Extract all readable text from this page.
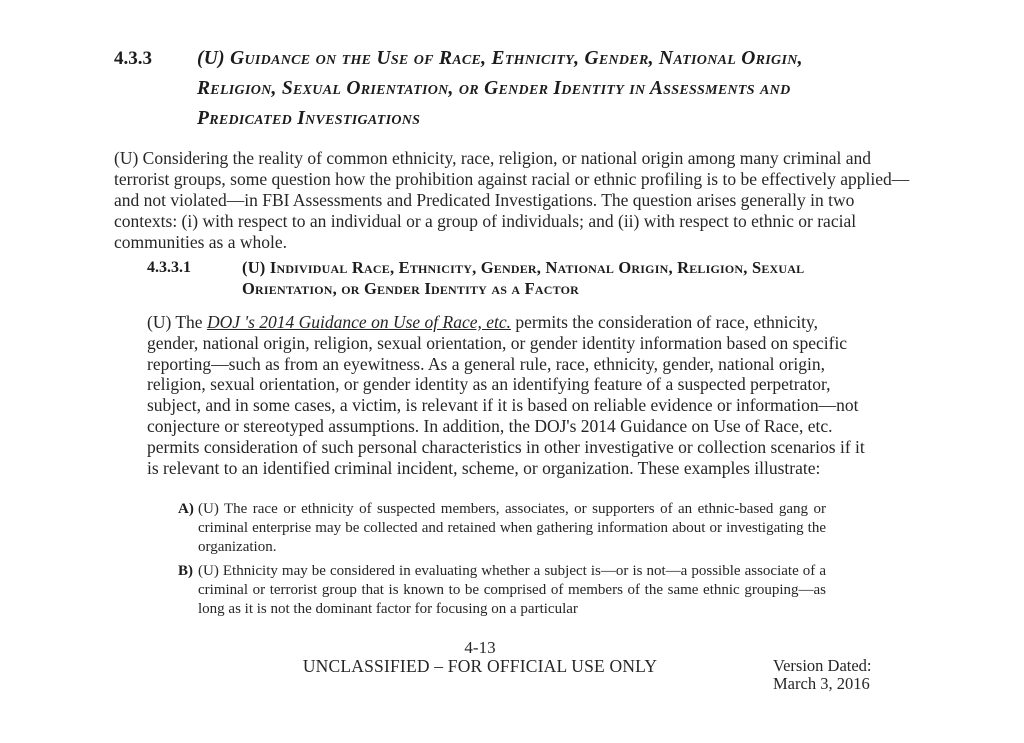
4.3.3	(U) Guidance on the Use of Race, Ethnicity, Gender, National Origin, Religion, Sexual Orientation, or Gender Identity in Assessments and Predicated Investigations
(U) Considering the reality of common ethnicity, race, religion, or national origin among many criminal and terrorist groups, some question how the prohibition against racial or ethnic profiling is to be effectively applied—and not violated—in FBI Assessments and Predicated Investigations. The question arises generally in two contexts: (i) with respect to an individual or a group of individuals; and (ii) with respect to ethnic or racial communities as a whole.
4.3.3.1	(U) Individual Race, Ethnicity, Gender, National Origin, Religion, Sexual Orientation, or Gender Identity as a Factor
(U) The DOJ 's 2014 Guidance on Use of Race, etc. permits the consideration of race, ethnicity, gender, national origin, religion, sexual orientation, or gender identity information based on specific reporting—such as from an eyewitness. As a general rule, race, ethnicity, gender, national origin, religion, sexual orientation, or gender identity as an identifying feature of a suspected perpetrator, subject, and in some cases, a victim, is relevant if it is based on reliable evidence or information—not conjecture or stereotyped assumptions. In addition, the DOJ's 2014 Guidance on Use of Race, etc. permits consideration of such personal characteristics in other investigative or collection scenarios if it is relevant to an identified criminal incident, scheme, or organization. These examples illustrate:
A) (U) The race or ethnicity of suspected members, associates, or supporters of an ethnic-based gang or criminal enterprise may be collected and retained when gathering information about or investigating the organization.
B) (U) Ethnicity may be considered in evaluating whether a subject is—or is not—a possible associate of a criminal or terrorist group that is known to be comprised of members of the same ethnic grouping—as long as it is not the dominant factor for focusing on a particular
4-13
UNCLASSIFIED – FOR OFFICIAL USE ONLY	Version Dated:
March 3, 2016
